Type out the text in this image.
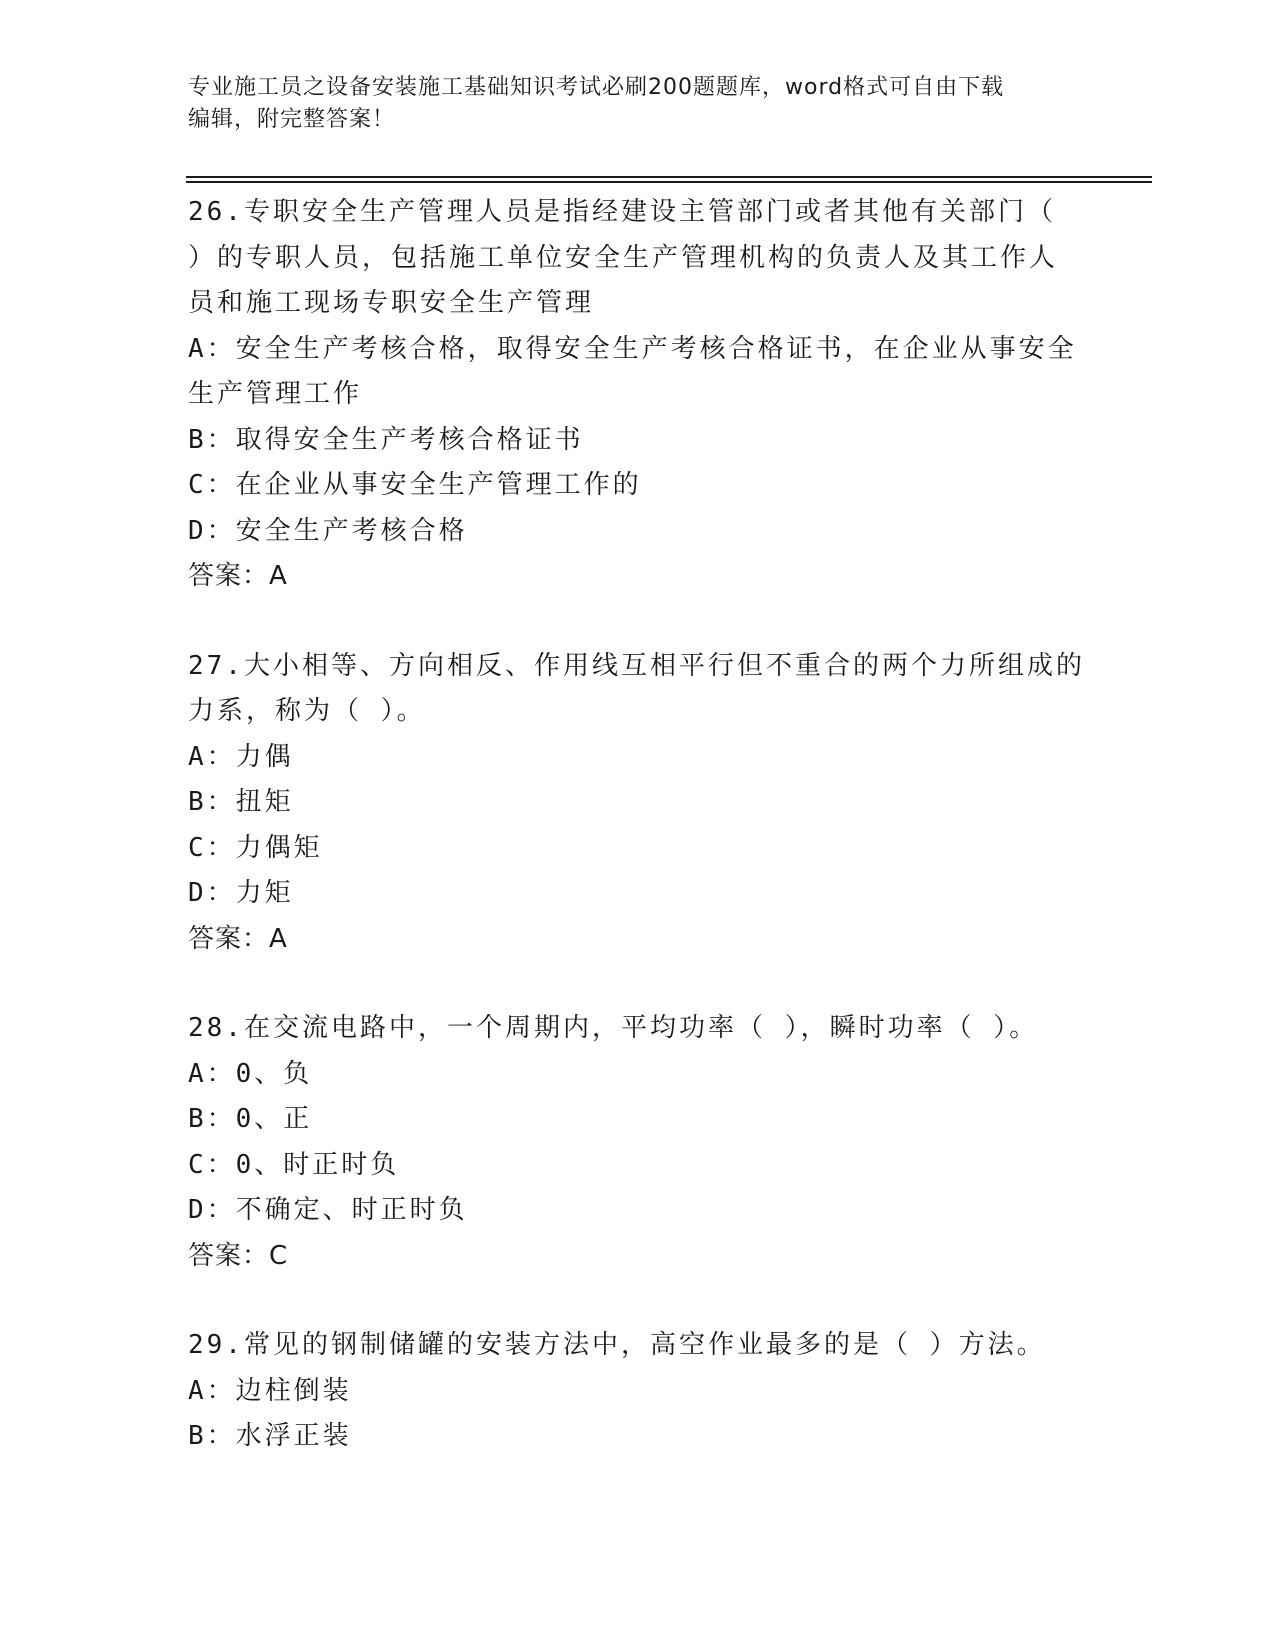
专业施工员之设备安装施工基础知识考试必刷200题题库，word格式可自由下载
编辑，附完整答案！
26.专职安全生产管理人员是指经建设主管部门或者其他有关部门（
）的专职人员，包括施工单位安全生产管理机构的负责人及其工作人
员和施工现场专职安全生产管理
A：安全生产考核合格，取得安全生产考核合格证书，在企业从事安全
生产管理工作
B：取得安全生产考核合格证书
C：在企业从事安全生产管理工作的
D：安全生产考核合格
答案：A
27.大小相等、方向相反、作用线互相平行但不重合的两个力所组成的
力系，称为（ ）。
A：力偶
B：扭矩
C：力偶矩
D：力矩
答案：A
28.在交流电路中，一个周期内，平均功率（ ），瞬时功率（ ）。
A：0、负
B：0、正
C：0、时正时负
D：不确定、时正时负
答案：C
29.常见的钢制储罐的安装方法中，高空作业最多的是（ ）方法。
A：边柱倒装
B：水浮正装
